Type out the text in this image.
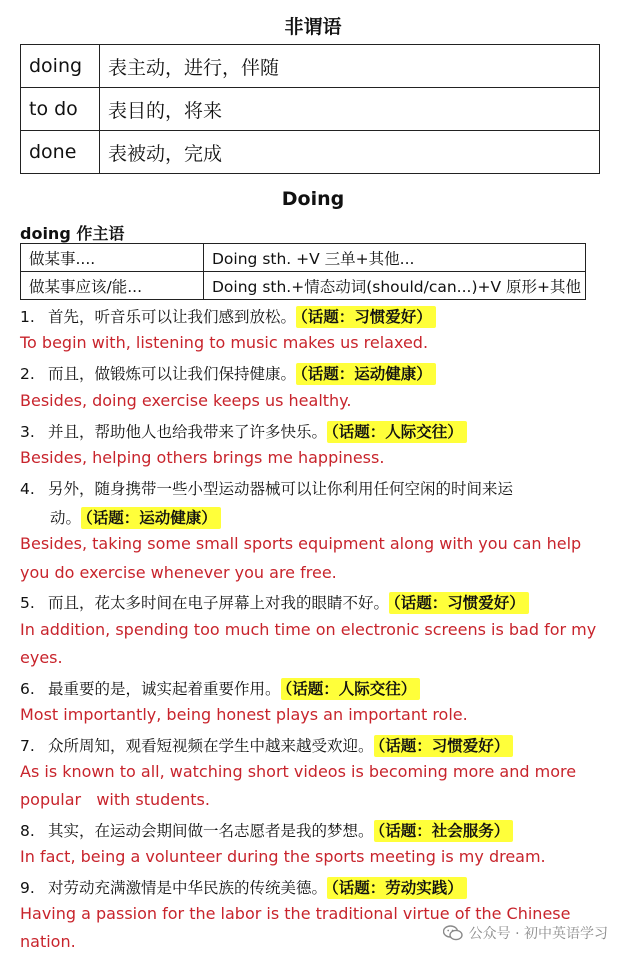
非谓语
doing	表主动，进行，伴随
to do	表目的，将来
done	表被动，完成
Doing
doing 作主语
做某事....	Doing sth. +V 三单+其他...
做某事应该/能...	Doing sth.+情态动词(should/can...)+V 原形+其他
1. 首先，听音乐可以让我们感到放松。 （话题：习惯爱好）
To begin with, listening to music makes us relaxed.
2. 而且，做锻炼可以让我们保持健康。 （话题：运动健康）
Besides, doing exercise keeps us healthy.
3. 并且，帮助他人也给我带来了许多快乐。 （话题：人际交往）
Besides, helping others brings me happiness.
4. 另外，随身携带一些小型运动器械可以让你利用任何空闲的时间来运
动。 （话题：运动健康）
Besides, taking some small sports equipment along with you can help
you do exercise whenever you are free.
5. 而且，花太多时间在电子屏幕上对我的眼睛不好。 （话题：习惯爱好）
In addition, spending too much time on electronic screens is bad for my
eyes.
6. 最重要的是，诚实起着重要作用。 （话题：人际交往）
Most importantly, being honest plays an important role.
7. 众所周知，观看短视频在学生中越来越受欢迎。 （话题：习惯爱好）
As is known to all, watching short videos is becoming more and more
popular   with students.
8. 其实，在运动会期间做一名志愿者是我的梦想。 （话题：社会服务）
In fact, being a volunteer during the sports meeting is my dream.
9. 对劳动充满激情是中华民族的传统美德。 （话题：劳动实践）
Having a passion for the labor is the traditional virtue of the Chinese
nation.	公众号 · 初中英语学习
